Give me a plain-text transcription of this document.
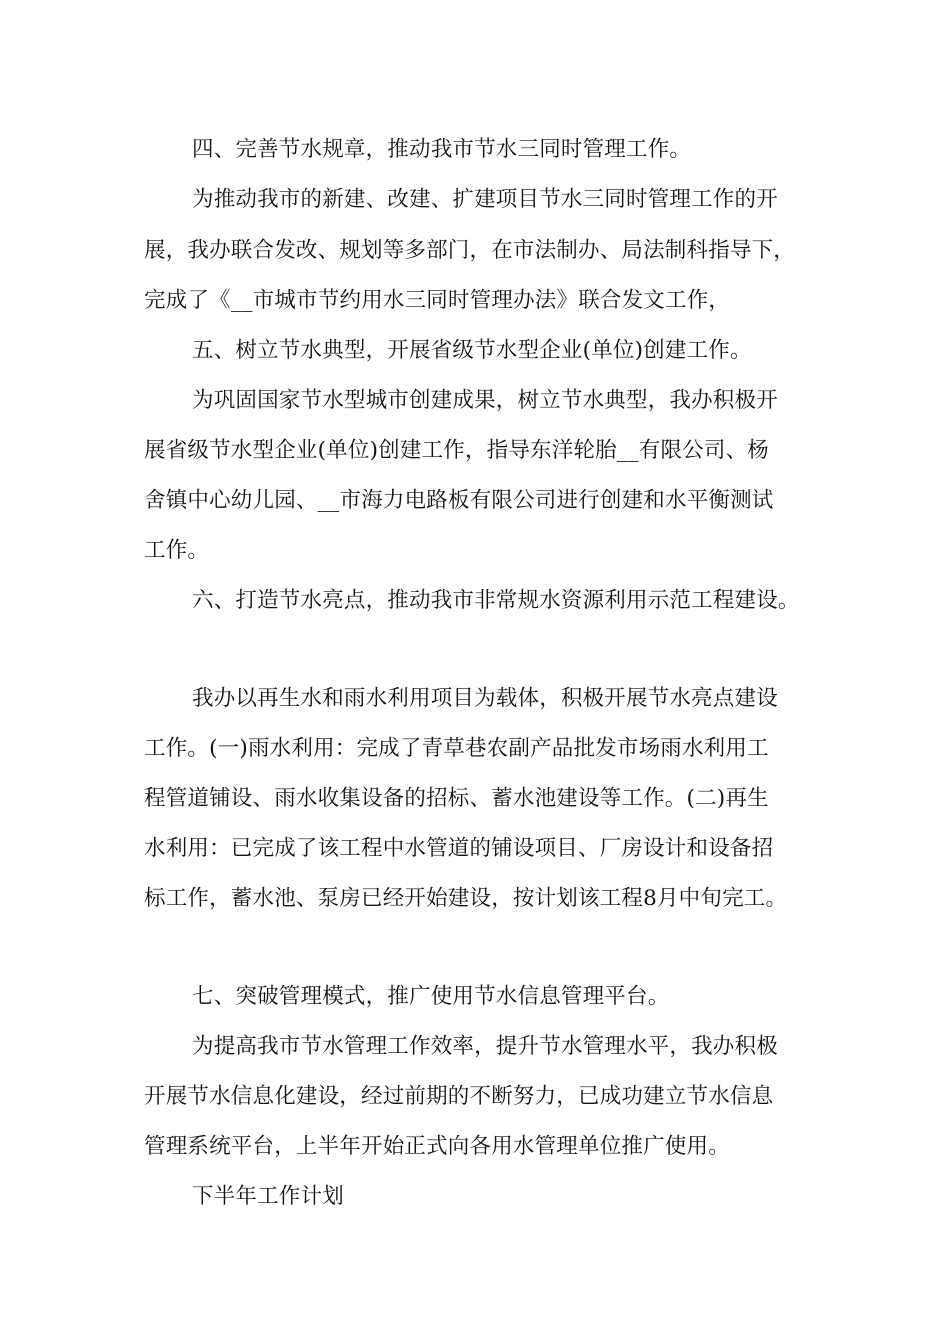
四、完善节水规章，推动我市节水三同时管理工作。
为推动我市的新建、改建、扩建项目节水三同时管理工作的开
展，我办联合发改、规划等多部门，在市法制办、局法制科指导下，
完成了《__市城市节约用水三同时管理办法》联合发文工作，
五、树立节水典型，开展省级节水型企业(单位)创建工作。
为巩固国家节水型城市创建成果，树立节水典型，我办积极开
展省级节水型企业(单位)创建工作，指导东洋轮胎__有限公司、杨
舍镇中心幼儿园、__市海力电路板有限公司进行创建和水平衡测试
工作。
六、打造节水亮点，推动我市非常规水资源利用示范工程建设。
我办以再生水和雨水利用项目为载体，积极开展节水亮点建设
工作。(一)雨水利用：完成了青草巷农副产品批发市场雨水利用工
程管道铺设、雨水收集设备的招标、蓄水池建设等工作。(二)再生
水利用：已完成了该工程中水管道的铺设项目、厂房设计和设备招
标工作，蓄水池、泵房已经开始建设，按计划该工程8月中旬完工。
七、突破管理模式，推广使用节水信息管理平台。
为提高我市节水管理工作效率，提升节水管理水平，我办积极
开展节水信息化建设，经过前期的不断努力，已成功建立节水信息
管理系统平台，上半年开始正式向各用水管理单位推广使用。
下半年工作计划
